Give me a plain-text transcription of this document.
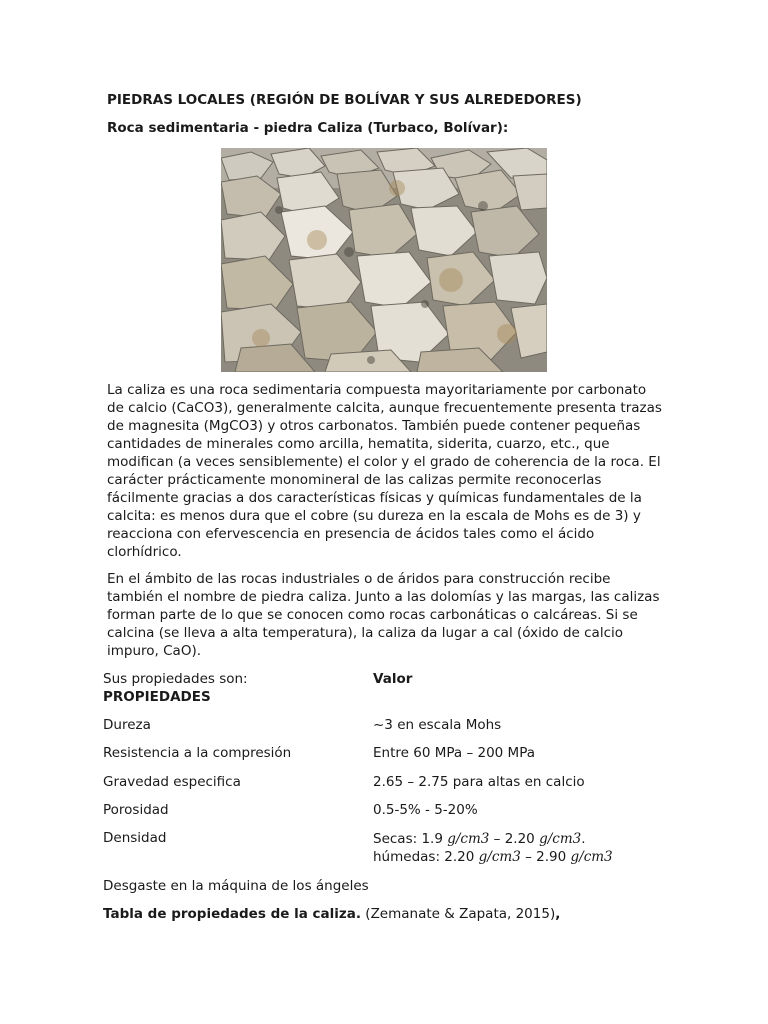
PIEDRAS LOCALES (REGIÓN DE BOLÍVAR Y SUS ALREDEDORES)
Roca sedimentaria - piedra Caliza (Turbaco, Bolívar):

La caliza es una roca sedimentaria compuesta mayoritariamente por carbonato de calcio (CaCO3), generalmente calcita, aunque frecuentemente presenta trazas de magnesita (MgCO3) y otros carbonatos. También puede contener pequeñas cantidades de minerales como arcilla, hematita, siderita, cuarzo, etc., que modifican (a veces sensiblemente) el color y el grado de coherencia de la roca. El carácter prácticamente monomineral de las calizas permite reconocerlas fácilmente gracias a dos características físicas y químicas fundamentales de la calcita: es menos dura que el cobre (su dureza en la escala de Mohs es de 3) y reacciona con efervescencia en presencia de ácidos tales como el ácido clorhídrico.

En el ámbito de las rocas industriales o de áridos para construcción recibe también el nombre de piedra caliza. Junto a las dolomías y las margas, las calizas forman parte de lo que se conocen como rocas carbonáticas o calcáreas. Si se calcina (se lleva a alta temperatura), la caliza da lugar a cal (óxido de calcio impuro, CaO).

Sus propiedades son:	Valor
PROPIEDADES
Dureza	~3 en escala Mohs
Resistencia a la compresión	Entre 60 MPa – 200 MPa
Gravedad especifica	2.65 – 2.75 para altas en calcio
Porosidad	0.5-5% - 5-20%
Densidad	Secas: 1.9 g/cm3 – 2.20 g/cm3.
húmedas: 2.20 g/cm3 – 2.90 g/cm3
Desgaste en la máquina de los ángeles
Tabla de propiedades de la caliza. (Zemanate & Zapata, 2015),
